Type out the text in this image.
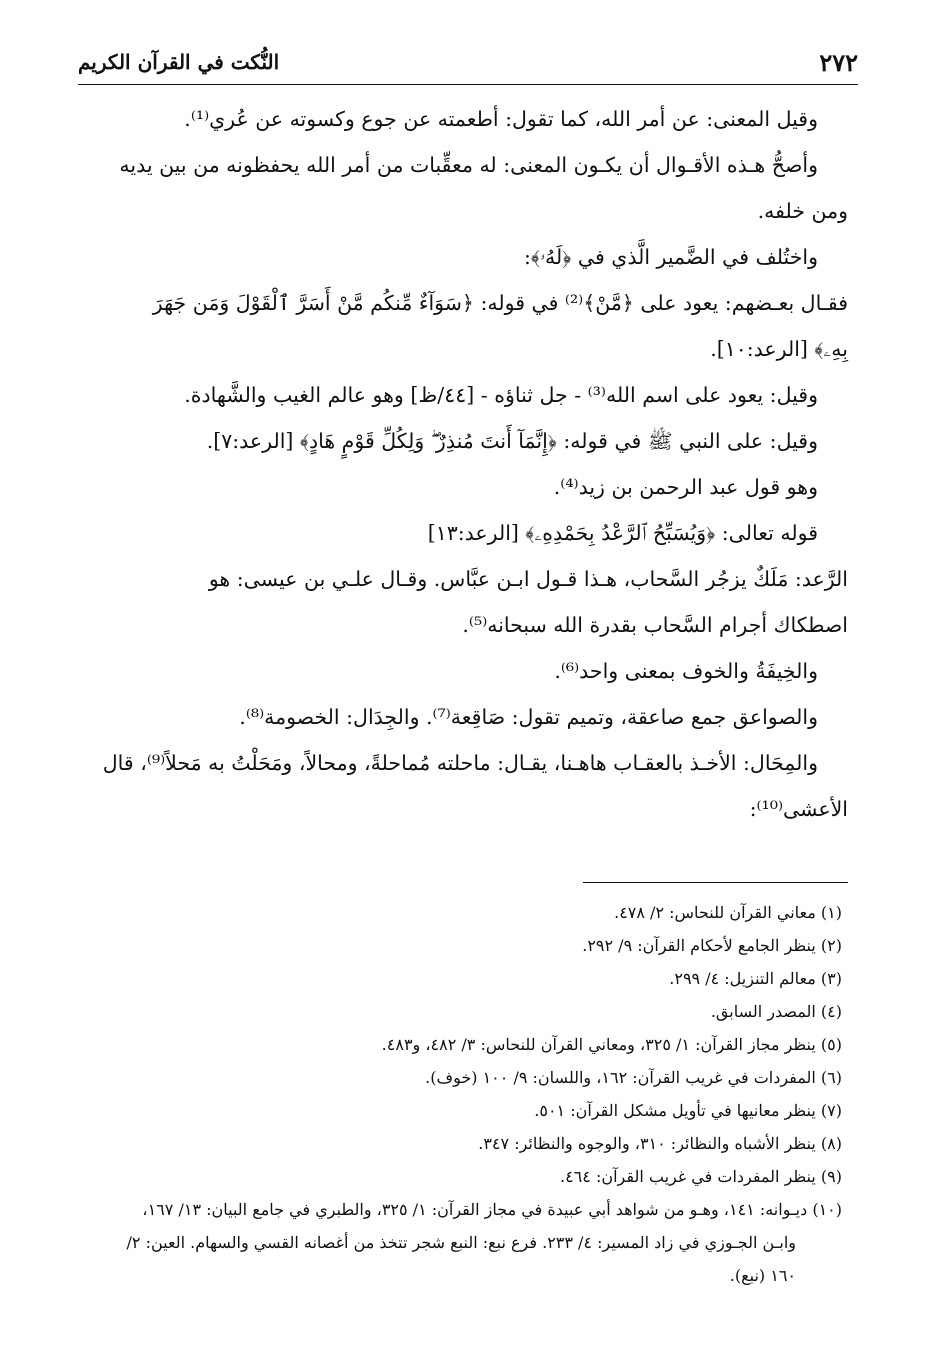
٢٧٢
النُّكت في القرآن الكريم

وقيل المعنى: عن أمر الله، كما تقول: أطعمته عن جوع وكسوته عن عُري⁽¹⁾.

وأصحُّ هـذه الأقـوال أن يكـون المعنى: له معقِّبات من أمر الله يحفظونه من بين يديه

ومن خلفه.

واختُلف في الضَّمير الَّذي في ﴿لَهُۥ﴾:

فقـال بعـضهم: يعود على ﴿مَّنْ﴾⁽²⁾ في قوله: ﴿سَوَآءٌ مِّنكُم مَّنْ أَسَرَّ ٱلْقَوْلَ وَمَن جَهَرَ

بِهِۦ﴾ [الرعد:١٠].

وقيل: يعود على اسم الله⁽³⁾ - جل ثناؤه - [٤٤/ظ] وهو عالم الغيب والشَّهادة.

وقيل: على النبي ﷺ في قوله: ﴿إِنَّمَآ أَنتَ مُنذِرٌ ۖ وَلِكُلِّ قَوْمٍ هَادٍ﴾ [الرعد:٧].

وهو قول عبد الرحمن بن زيد⁽⁴⁾.

قوله تعالى: ﴿وَيُسَبِّحُ ٱلرَّعْدُ بِحَمْدِهِۦ﴾ [الرعد:١٣]

الرَّعد: مَلَكٌ يزجُر السَّحاب، هـذا قـول ابـن عبَّاس. وقـال علـي بن عيسى: هو

اصطكاك أجرام السَّحاب بقدرة الله سبحانه⁽⁵⁾.

والخِيفَةُ والخوف بمعنى واحد⁽⁶⁾.

والصواعق جمع صاعقة، وتميم تقول: صَاقِعة⁽⁷⁾. والجِدَال: الخصومة⁽⁸⁾.

والمِحَال: الأخـذ بالعقـاب هاهـنا، يقـال: ماحلته مُماحلةً، ومحالاً، ومَحَلْتُ به مَحلاً⁽⁹⁾، قال

الأعشى⁽¹⁰⁾:

(١) معاني القرآن للنحاس: ٢/ ٤٧٨.

(٢) ينظر الجامع لأحكام القرآن: ٩/ ٢٩٢.

(٣) معالم التنزيل: ٤/ ٢٩٩.

(٤) المصدر السابق.

(٥) ينظر مجاز القرآن: ١/ ٣٢٥، ومعاني القرآن للنحاس: ٣/ ٤٨٢، و٤٨٣.

(٦) المفردات في غريب القرآن: ١٦٢، واللسان: ٩/ ١٠٠ (خوف).

(٧) ينظر معانيها في تأويل مشكل القرآن: ٥٠١.

(٨) ينظر الأشباه والنظائر: ٣١٠، والوجوه والنظائر: ٣٤٧.

(٩) ينظر المفردات في غريب القرآن: ٤٦٤.

(١٠) ديـوانه: ١٤١، وهـو من شواهد أبي عبيدة في مجاز القرآن: ١/ ٣٢٥، والطبري في جامع البيان: ١٣/ ١٦٧،

وابـن الجـوزي في زاد المسير: ٤/ ٢٣٣. فرع نبع: النبع شجر تتخذ من أغصانه القسي والسهام. العين: ٢/

١٦٠ (نبع).
